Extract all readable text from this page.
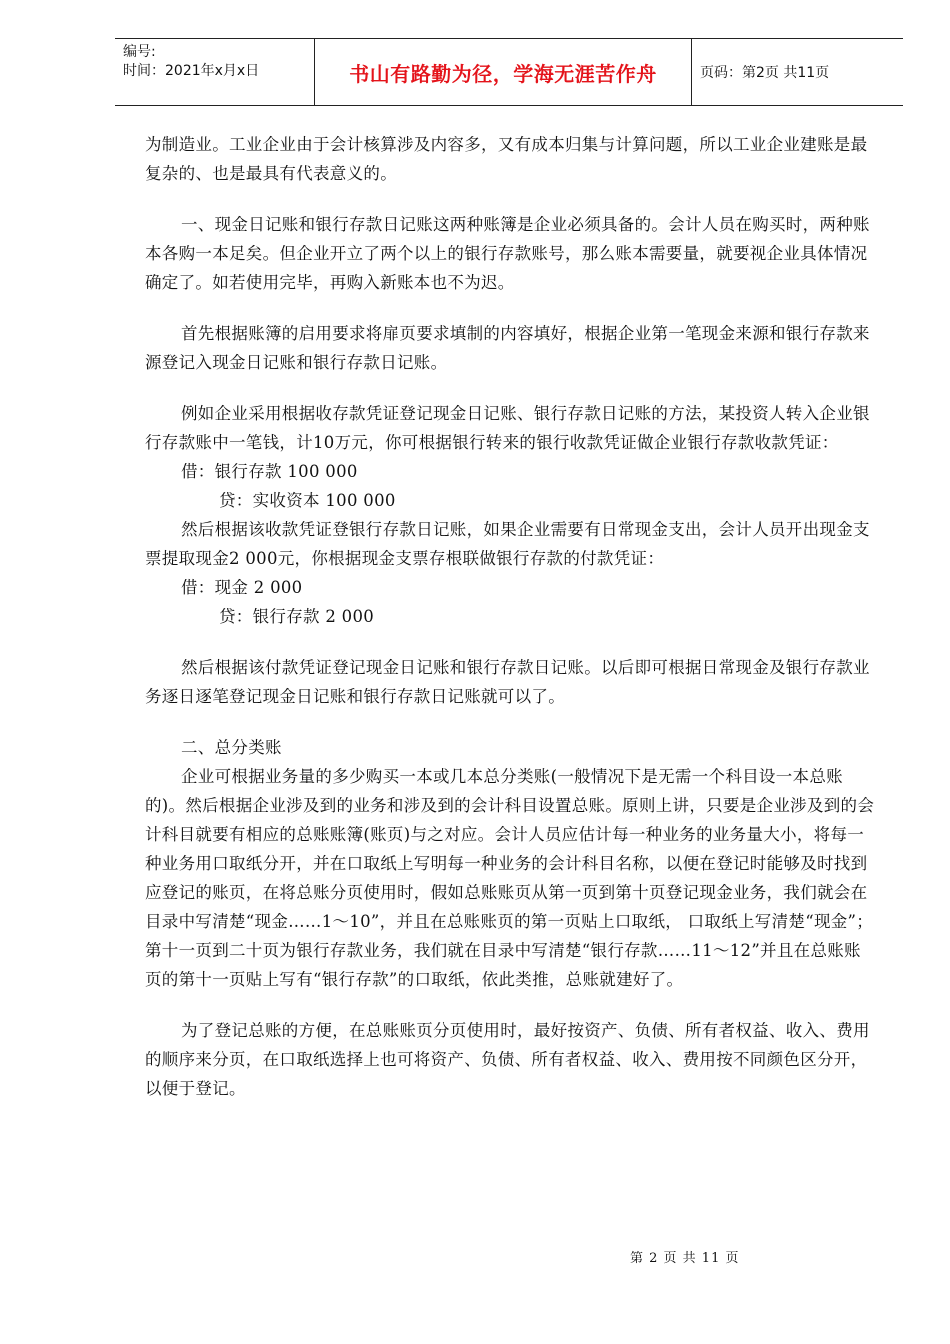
编号:
时间：2021年x月x日	书山有路勤为径，学海无涯苦作舟	页码：第2页 共11页

为制造业。工业企业由于会计核算涉及内容多，又有成本归集与计算问题，所以工业企业建账是最复杂的、也是最具有代表意义的。

一、现金日记账和银行存款日记账这两种账簿是企业必须具备的。会计人员在购买时，两种账本各购一本足矣。但企业开立了两个以上的银行存款账号，那么账本需要量，就要视企业具体情况确定了。如若使用完毕，再购入新账本也不为迟。

首先根据账簿的启用要求将扉页要求填制的内容填好，根据企业第一笔现金来源和银行存款来源登记入现金日记账和银行存款日记账。

例如企业采用根据收存款凭证登记现金日记账、银行存款日记账的方法，某投资人转入企业银行存款账中一笔钱，计10万元，你可根据银行转来的银行收款凭证做企业银行存款收款凭证：

借：银行存款 100 000

贷：实收资本 100 000

然后根据该收款凭证登银行存款日记账，如果企业需要有日常现金支出，会计人员开出现金支票提取现金2 000元，你根据现金支票存根联做银行存款的付款凭证：

借：现金 2 000

贷：银行存款 2 000

然后根据该付款凭证登记现金日记账和银行存款日记账。以后即可根据日常现金及银行存款业务逐日逐笔登记现金日记账和银行存款日记账就可以了。

二、总分类账

企业可根据业务量的多少购买一本或几本总分类账(一般情况下是无需一个科目设一本总账的)。然后根据企业涉及到的业务和涉及到的会计科目设置总账。原则上讲，只要是企业涉及到的会计科目就要有相应的总账账簿(账页)与之对应。会计人员应估计每一种业务的业务量大小，将每一种业务用口取纸分开，并在口取纸上写明每一种业务的会计科目名称，以便在登记时能够及时找到应登记的账页，在将总账分页使用时，假如总账账页从第一页到第十页登记现金业务，我们就会在目录中写清楚“现金……1～10”，并且在总账账页的第一页贴上口取纸， 口取纸上写清楚“现金”；第十一页到二十页为银行存款业务，我们就在目录中写清楚“银行存款……11～12”并且在总账账页的第十一页贴上写有“银行存款”的口取纸，依此类推，总账就建好了。

为了登记总账的方便，在总账账页分页使用时，最好按资产、负债、所有者权益、收入、费用的顺序来分页，在口取纸选择上也可将资产、负债、所有者权益、收入、费用按不同颜色区分开，以便于登记。

第 2 页 共 11 页
